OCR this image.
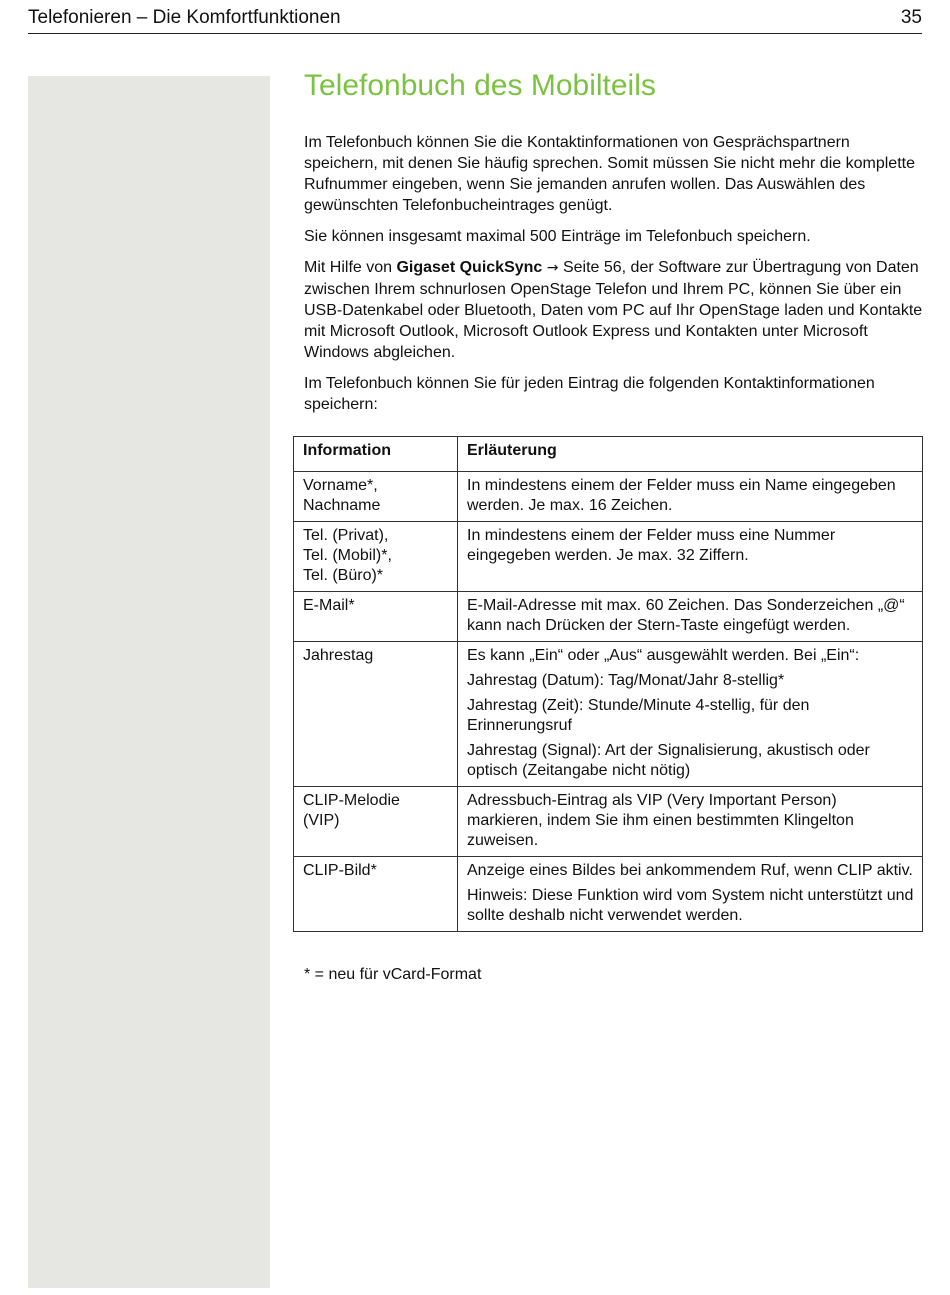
Telefonieren – Die Komfortfunktionen	35
Telefonbuch des Mobilteils

Im Telefonbuch können Sie die Kontaktinformationen von Gesprächspartnern speichern, mit denen Sie häufig sprechen. Somit müssen Sie nicht mehr die komplette Rufnummer eingeben, wenn Sie jemanden anrufen wollen. Das Auswählen des gewünschten Telefonbucheintrages genügt.

Sie können insgesamt maximal 500 Einträge im Telefonbuch speichern.

Mit Hilfe von Gigaset QuickSync → Seite 56, der Software zur Übertragung von Daten zwischen Ihrem schnurlosen OpenStage Telefon und Ihrem PC, können Sie über ein USB-Datenkabel oder Bluetooth, Daten vom PC auf Ihr OpenStage laden und Kontakte mit Microsoft Outlook, Microsoft Outlook Express und Kontakten unter Microsoft Windows abgleichen.

Im Telefonbuch können Sie für jeden Eintrag die folgenden Kontaktinformationen speichern:

Information	Erläuterung

Vorname*,
Nachname	In mindestens einem der Felder muss ein Name eingegeben werden. Je max. 16 Zeichen.

Tel. (Privat),
Tel. (Mobil)*,
Tel. (Büro)*	In mindestens einem der Felder muss eine Nummer eingegeben werden. Je max. 32 Ziffern.

E-Mail*	E-Mail-Adresse mit max. 60 Zeichen. Das Sonderzeichen „@“ kann nach Drücken der Stern-Taste eingefügt werden.

Jahrestag	Es kann „Ein“ oder „Aus“ ausgewählt werden. Bei „Ein“:
Jahrestag (Datum): Tag/Monat/Jahr 8-stellig*
Jahrestag (Zeit): Stunde/Minute 4-stellig, für den Erinnerungsruf
Jahrestag (Signal): Art der Signalisierung, akustisch oder optisch (Zeitangabe nicht nötig)

CLIP-Melodie
(VIP)	Adressbuch-Eintrag als VIP (Very Important Person) markieren, indem Sie ihm einen bestimmten Klingelton zuweisen.

CLIP-Bild*	Anzeige eines Bildes bei ankommendem Ruf, wenn CLIP aktiv.
Hinweis: Diese Funktion wird vom System nicht unterstützt und sollte deshalb nicht verwendet werden.

* = neu für vCard-Format
